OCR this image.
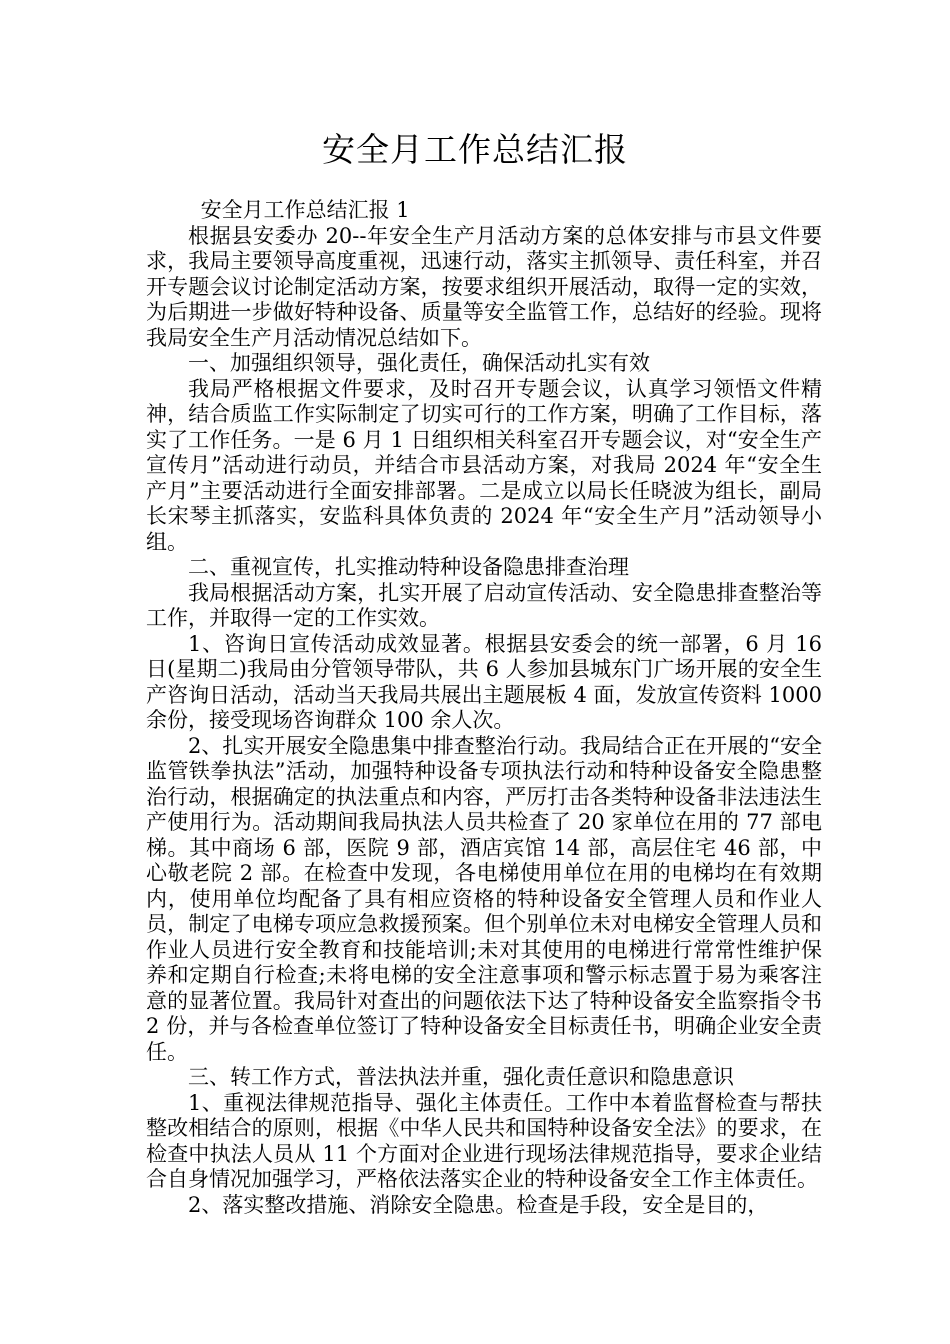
安全月工作总结汇报

安全月工作总结汇报 1

根据县安委办 20--年安全生产月活动方案的总体安排与市县文件要求，我局主要领导高度重视，迅速行动，落实主抓领导、责任科室，并召开专题会议讨论制定活动方案，按要求组织开展活动，取得一定的实效，为后期进一步做好特种设备、质量等安全监管工作，总结好的经验。现将我局安全生产月活动情况总结如下。

一、加强组织领导，强化责任，确保活动扎实有效

我局严格根据文件要求，及时召开专题会议，认真学习领悟文件精神，结合质监工作实际制定了切实可行的工作方案，明确了工作目标，落实了工作任务。一是 6 月 1 日组织相关科室召开专题会议，对“安全生产宣传月”活动进行动员，并结合市县活动方案，对我局 2024 年“安全生产月”主要活动进行全面安排部署。二是成立以局长任晓波为组长，副局长宋琴主抓落实，安监科具体负责的 2024 年“安全生产月”活动领导小组。

二、重视宣传，扎实推动特种设备隐患排查治理

我局根据活动方案，扎实开展了启动宣传活动、安全隐患排查整治等工作，并取得一定的工作实效。

1、咨询日宣传活动成效显著。根据县安委会的统一部署，6 月 16 日(星期二)我局由分管领导带队，共 6 人参加县城东门广场开展的安全生产咨询日活动，活动当天我局共展出主题展板 4 面，发放宣传资料 1000 余份，接受现场咨询群众 100 余人次。

2、扎实开展安全隐患集中排查整治行动。我局结合正在开展的“安全监管铁拳执法”活动，加强特种设备专项执法行动和特种设备安全隐患整治行动，根据确定的执法重点和内容，严厉打击各类特种设备非法违法生产使用行为。活动期间我局执法人员共检查了 20 家单位在用的 77 部电梯。其中商场 6 部，医院 9 部，酒店宾馆 14 部，高层住宅 46 部，中心敬老院 2 部。在检查中发现，各电梯使用单位在用的电梯均在有效期内，使用单位均配备了具有相应资格的特种设备安全管理人员和作业人员，制定了电梯专项应急救援预案。但个别单位未对电梯安全管理人员和作业人员进行安全教育和技能培训;未对其使用的电梯进行常常性维护保养和定期自行检查;未将电梯的安全注意事项和警示标志置于易为乘客注意的显著位置。我局针对查出的问题依法下达了特种设备安全监察指令书 2 份，并与各检查单位签订了特种设备安全目标责任书，明确企业安全责任。

三、转工作方式，普法执法并重，强化责任意识和隐患意识

1、重视法律规范指导、强化主体责任。工作中本着监督检查与帮扶整改相结合的原则，根据《中华人民共和国特种设备安全法》的要求，在检查中执法人员从 11 个方面对企业进行现场法律规范指导，要求企业结合自身情况加强学习，严格依法落实企业的特种设备安全工作主体责任。

2、落实整改措施、消除安全隐患。检查是手段，安全是目的，
